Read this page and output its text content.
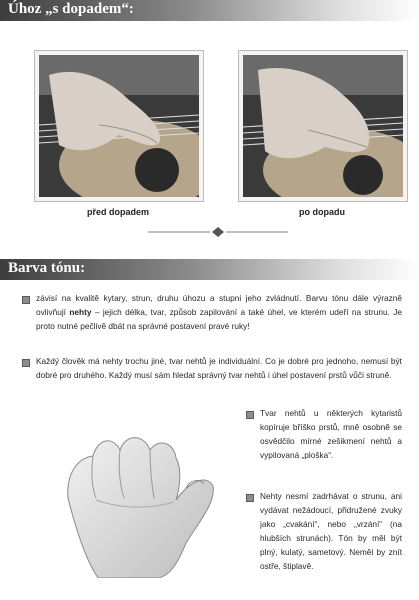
Úhoz „s dopadem“:
před dopadem	po dopadu
Barva tónu:
závisí na kvalitě kytary, strun, druhu úhozu a stupni jeho zvládnutí. Barvu tónu dále výrazně ovlivňují nehty – jejich délka, tvar, způsob zapilování a také úhel, ve kterém udeří na strunu. Je proto nutné pečlivě dbát na správné postavení pravé ruky!
Každý člověk má nehty trochu jiné, tvar nehtů je individuální. Co je dobré pro jednoho, nemusí být dobré pro druhého. Každý musí sám hledat správný tvar nehtů i úhel postavení prstů vůči struně.
Tvar nehtů u některých kytaristů kopíruje bříško prstů, mně osobně se osvědčilo mírné zešikmení nehtů a vypilovaná „ploška“.
Nehty nesmí zadrhávat o strunu, ani vydávat nežádoucí, přidružené zvuky jako „cvakání“, nebo „vrzání“ (na hlubších strunách). Tón by měl být plný, kulatý, sametový. Neměl by znít ostře, štiplavě.
